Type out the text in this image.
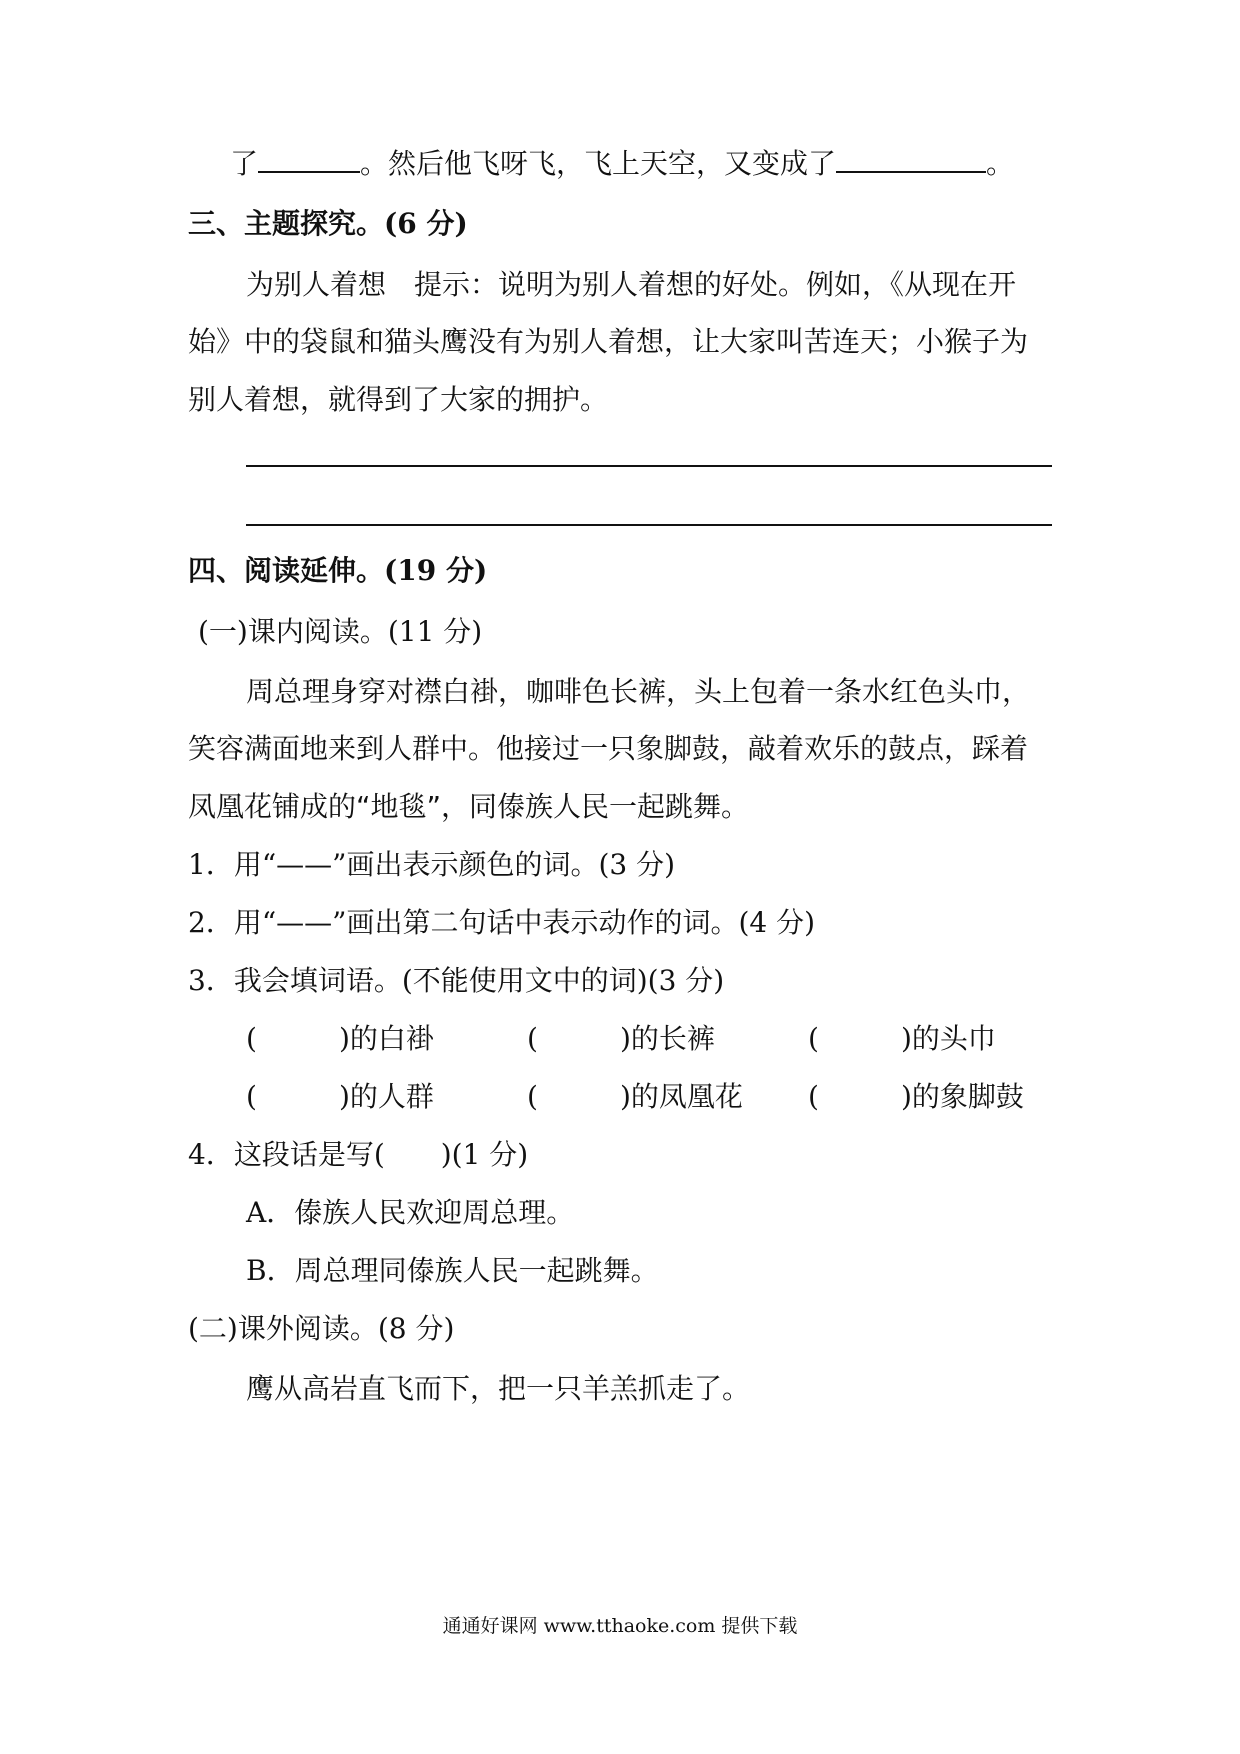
了	。然后他飞呀飞，飞上天空，又变成了	。
三、主题探究。(6 分)
为别人着想　提示：说明为别人着想的好处。例如，《从现在开
始》中的袋鼠和猫头鹰没有为别人着想，让大家叫苦连天；小猴子为
别人着想，就得到了大家的拥护。
四、阅读延伸。(19 分)
(一)课内阅读。(11 分)
周总理身穿对襟白褂，咖啡色长裤，头上包着一条水红色头巾，
笑容满面地来到人群中。他接过一只象脚鼓，敲着欢乐的鼓点，踩着
凤凰花铺成的“地毯”，同傣族人民一起跳舞。
1．用“——”画出表示颜色的词。(3 分)
2．用“——”画出第二句话中表示动作的词。(4 分)
3．我会填词语。(不能使用文中的词)(3 分)
(	)的白褂	(	)的长裤	(	)的头巾
(	)的人群	(	)的凤凰花 (	)的象脚鼓
4．这段话是写(　　)(1 分)
A．傣族人民欢迎周总理。
B．周总理同傣族人民一起跳舞。
(二)课外阅读。(8 分)
鹰从高岩直飞而下，把一只羊羔抓走了。
通通好课网 www.tthaoke.com 提供下载
